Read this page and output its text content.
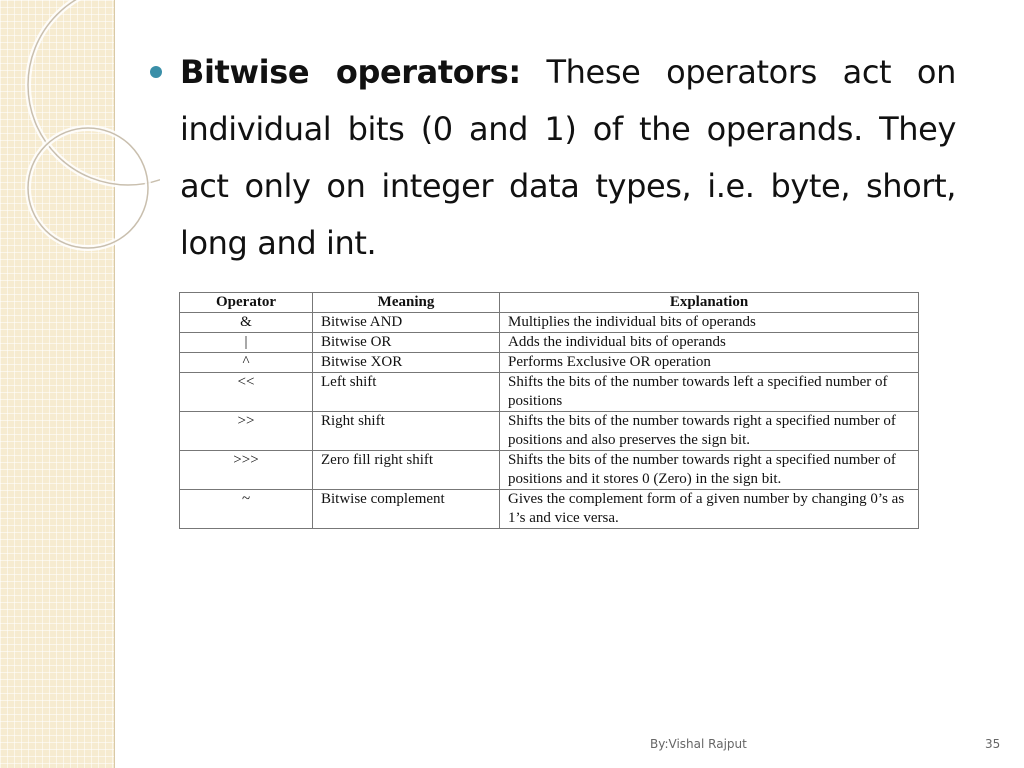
Bitwise operators: These operators act on individual bits (0 and 1) of the operands. They act only on integer data types, i.e. byte, short, long and int.
Operator	Meaning	Explanation
&	Bitwise AND	Multiplies the individual bits of operands
|	Bitwise OR	Adds the individual bits of operands
^	Bitwise XOR	Performs Exclusive OR operation
<<	Left shift	Shifts the bits of the number towards left a specified number of positions
>>	Right shift	Shifts the bits of the number towards right a specified number of positions and also preserves the sign bit.
>>>	Zero fill right shift	Shifts the bits of the number towards right a specified number of positions and it stores 0 (Zero) in the sign bit.
~	Bitwise complement	Gives the complement form of a given number by changing 0’s as 1’s and vice versa.
By:Vishal Rajput	35
